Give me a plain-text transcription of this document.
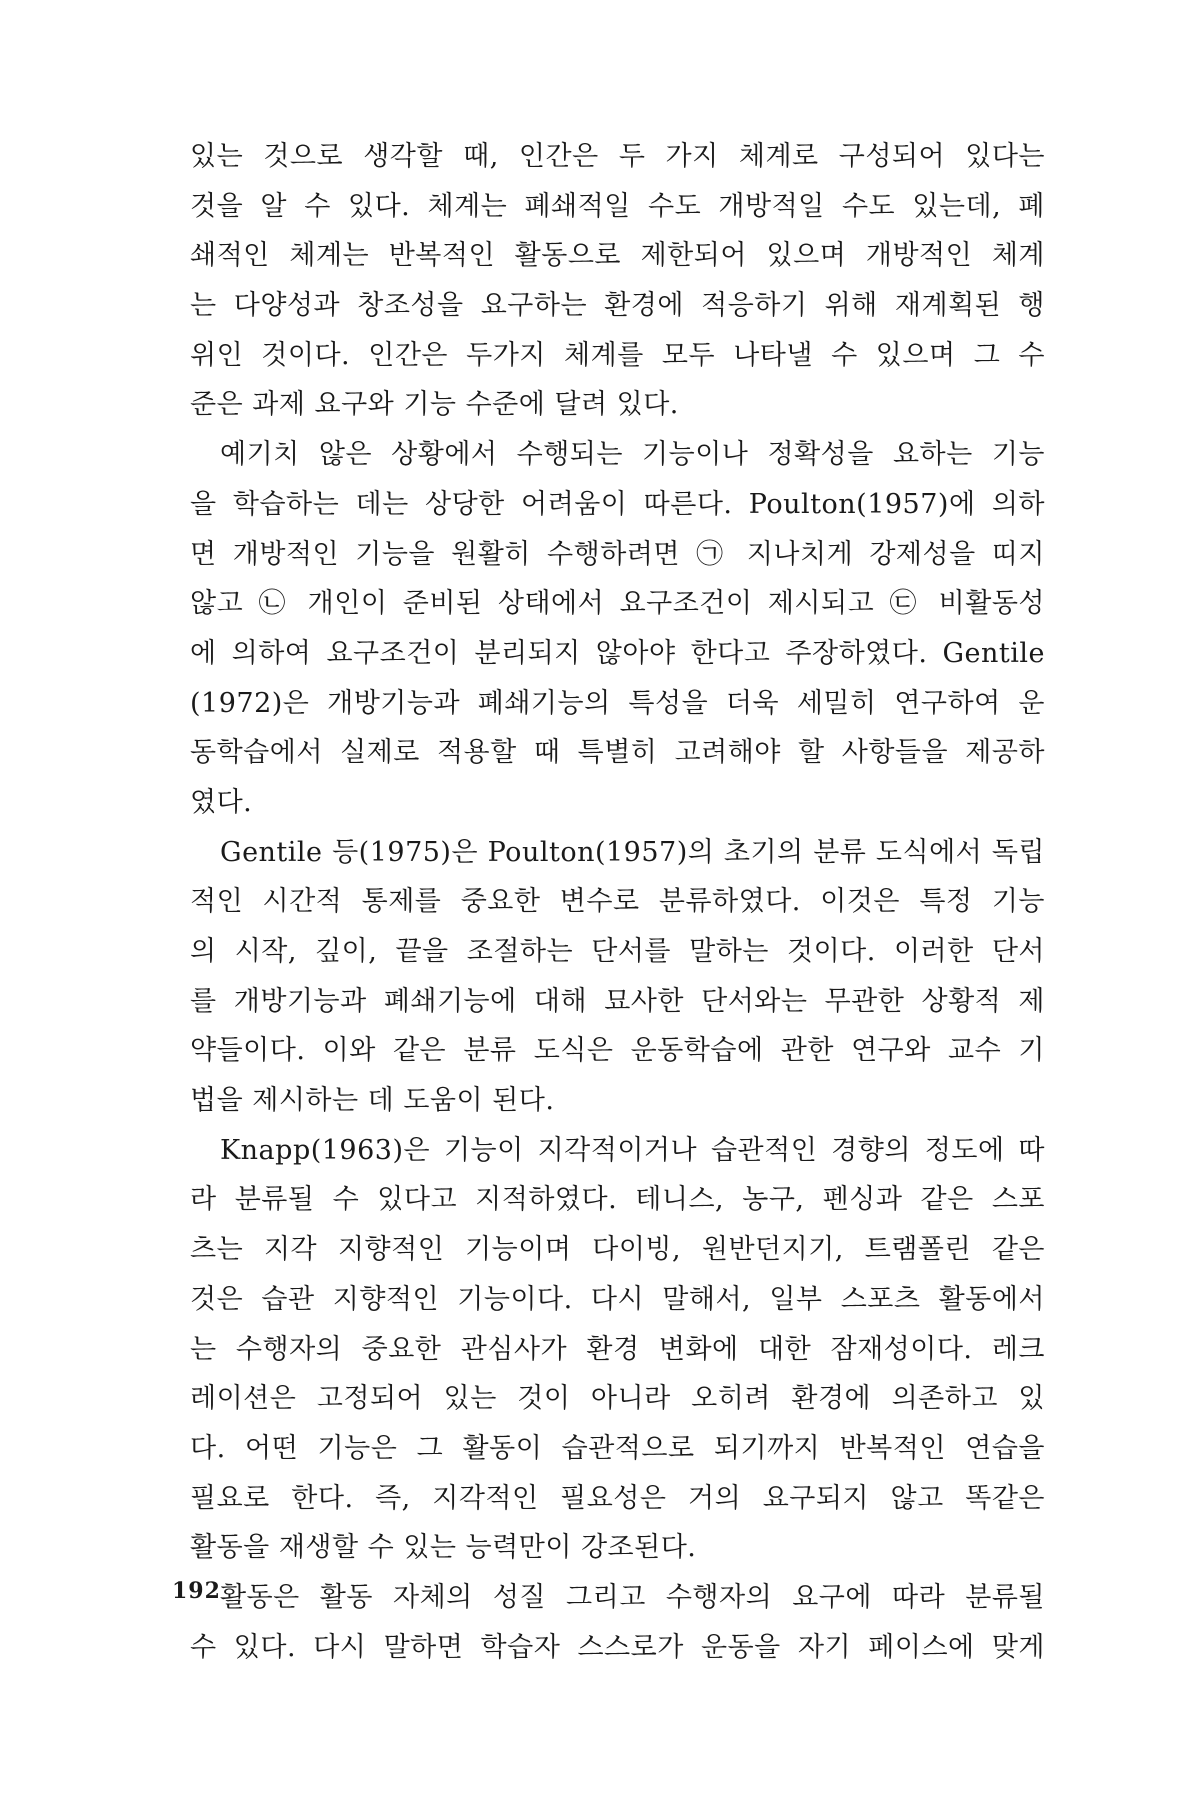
있는 것으로 생각할 때, 인간은 두 가지 체계로 구성되어 있다는
것을 알 수 있다. 체계는 폐쇄적일 수도 개방적일 수도 있는데, 폐
쇄적인 체계는 반복적인 활동으로 제한되어 있으며 개방적인 체계
는 다양성과 창조성을 요구하는 환경에 적응하기 위해 재계획된 행
위인 것이다. 인간은 두가지 체계를 모두 나타낼 수 있으며 그 수
준은 과제 요구와 기능 수준에 달려 있다.
예기치 않은 상황에서 수행되는 기능이나 정확성을 요하는 기능
을 학습하는 데는 상당한 어려움이 따른다. Poulton(1957)에 의하
면 개방적인 기능을 원활히 수행하려면 ㉠ 지나치게 강제성을 띠지
않고 ㉡ 개인이 준비된 상태에서 요구조건이 제시되고 ㉢ 비활동성
에 의하여 요구조건이 분리되지 않아야 한다고 주장하였다. Gentile
(1972)은 개방기능과 폐쇄기능의 특성을 더욱 세밀히 연구하여 운
동학습에서 실제로 적용할 때 특별히 고려해야 할 사항들을 제공하
였다.
Gentile 등(1975)은 Poulton(1957)의 초기의 분류 도식에서 독립
적인 시간적 통제를 중요한 변수로 분류하였다. 이것은 특정 기능
의 시작, 깊이, 끝을 조절하는 단서를 말하는 것이다. 이러한 단서
를 개방기능과 폐쇄기능에 대해 묘사한 단서와는 무관한 상황적 제
약들이다. 이와 같은 분류 도식은 운동학습에 관한 연구와 교수 기
법을 제시하는 데 도움이 된다.
Knapp(1963)은 기능이 지각적이거나 습관적인 경향의 정도에 따
라 분류될 수 있다고 지적하였다. 테니스, 농구, 펜싱과 같은 스포
츠는 지각 지향적인 기능이며 다이빙, 원반던지기, 트램폴린 같은
것은 습관 지향적인 기능이다. 다시 말해서, 일부 스포츠 활동에서
는 수행자의 중요한 관심사가 환경 변화에 대한 잠재성이다. 레크
레이션은 고정되어 있는 것이 아니라 오히려 환경에 의존하고 있
다. 어떤 기능은 그 활동이 습관적으로 되기까지 반복적인 연습을
필요로 한다. 즉, 지각적인 필요성은 거의 요구되지 않고 똑같은
활동을 재생할 수 있는 능력만이 강조된다.
활동은 활동 자체의 성질 그리고 수행자의 요구에 따라 분류될
수 있다. 다시 말하면 학습자 스스로가 운동을 자기 페이스에 맞게
192
